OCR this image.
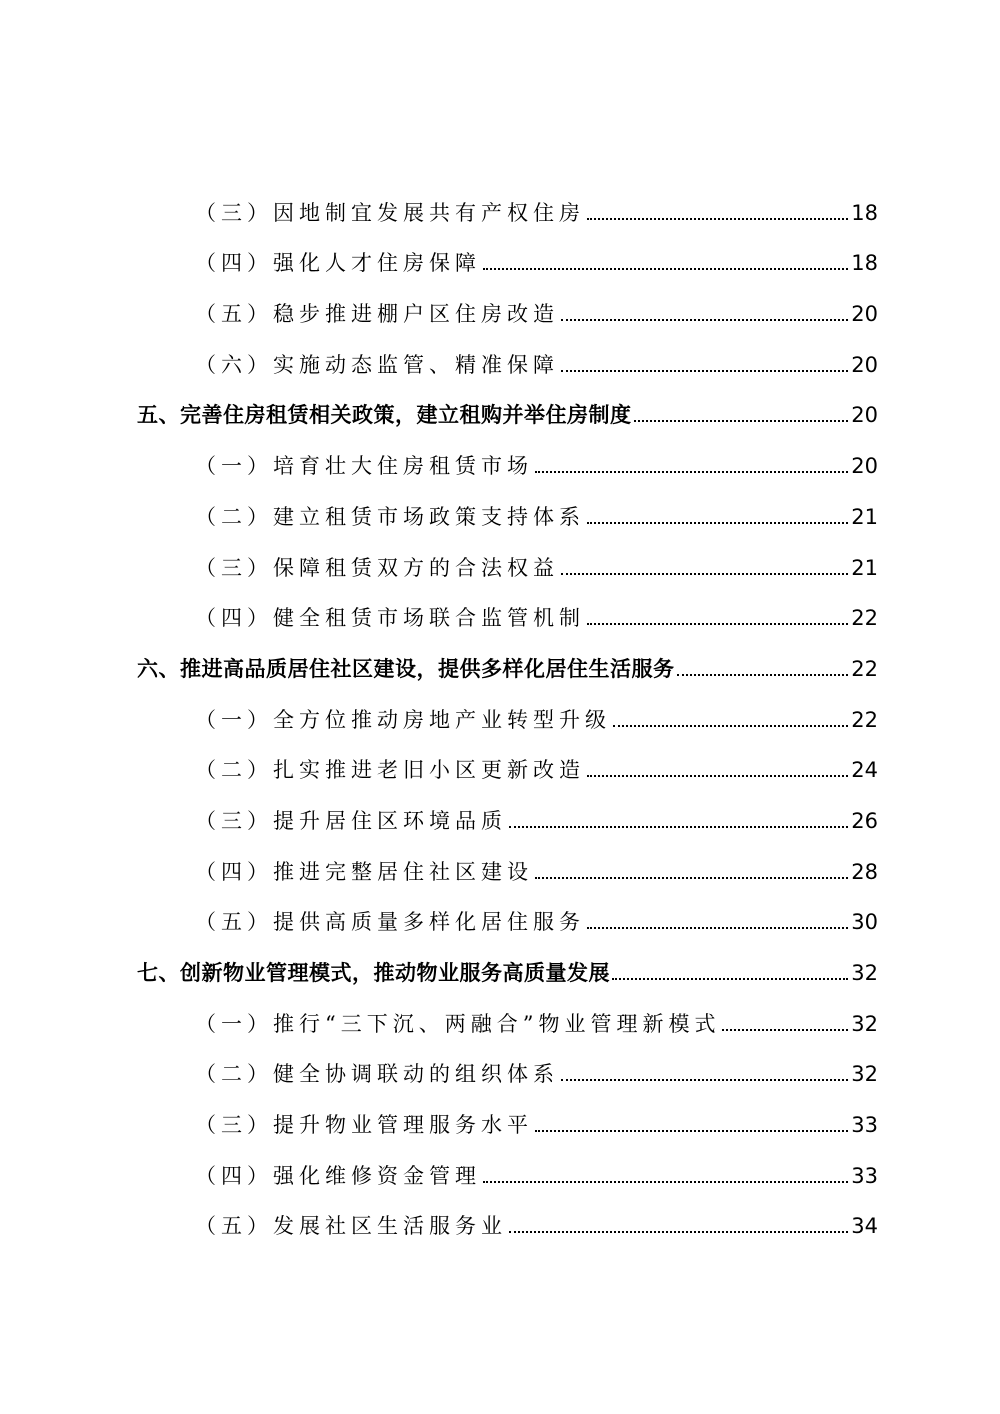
（三）因地制宜发展共有产权住房	18
（四）强化人才住房保障	18
（五）稳步推进棚户区住房改造	20
（六）实施动态监管、精准保障	20
五、完善住房租赁相关政策，建立租购并举住房制度	20
（一）培育壮大住房租赁市场	20
（二）建立租赁市场政策支持体系	21
（三）保障租赁双方的合法权益	21
（四）健全租赁市场联合监管机制	22
六、推进高品质居住社区建设，提供多样化居住生活服务	22
（一）全方位推动房地产业转型升级	22
（二）扎实推进老旧小区更新改造	24
（三）提升居住区环境品质	26
（四）推进完整居住社区建设	28
（五）提供高质量多样化居住服务	30
七、创新物业管理模式，推动物业服务高质量发展	32
（一）推行“三下沉、两融合”物业管理新模式	32
（二）健全协调联动的组织体系	32
（三）提升物业管理服务水平	33
（四）强化维修资金管理	33
（五）发展社区生活服务业	34
